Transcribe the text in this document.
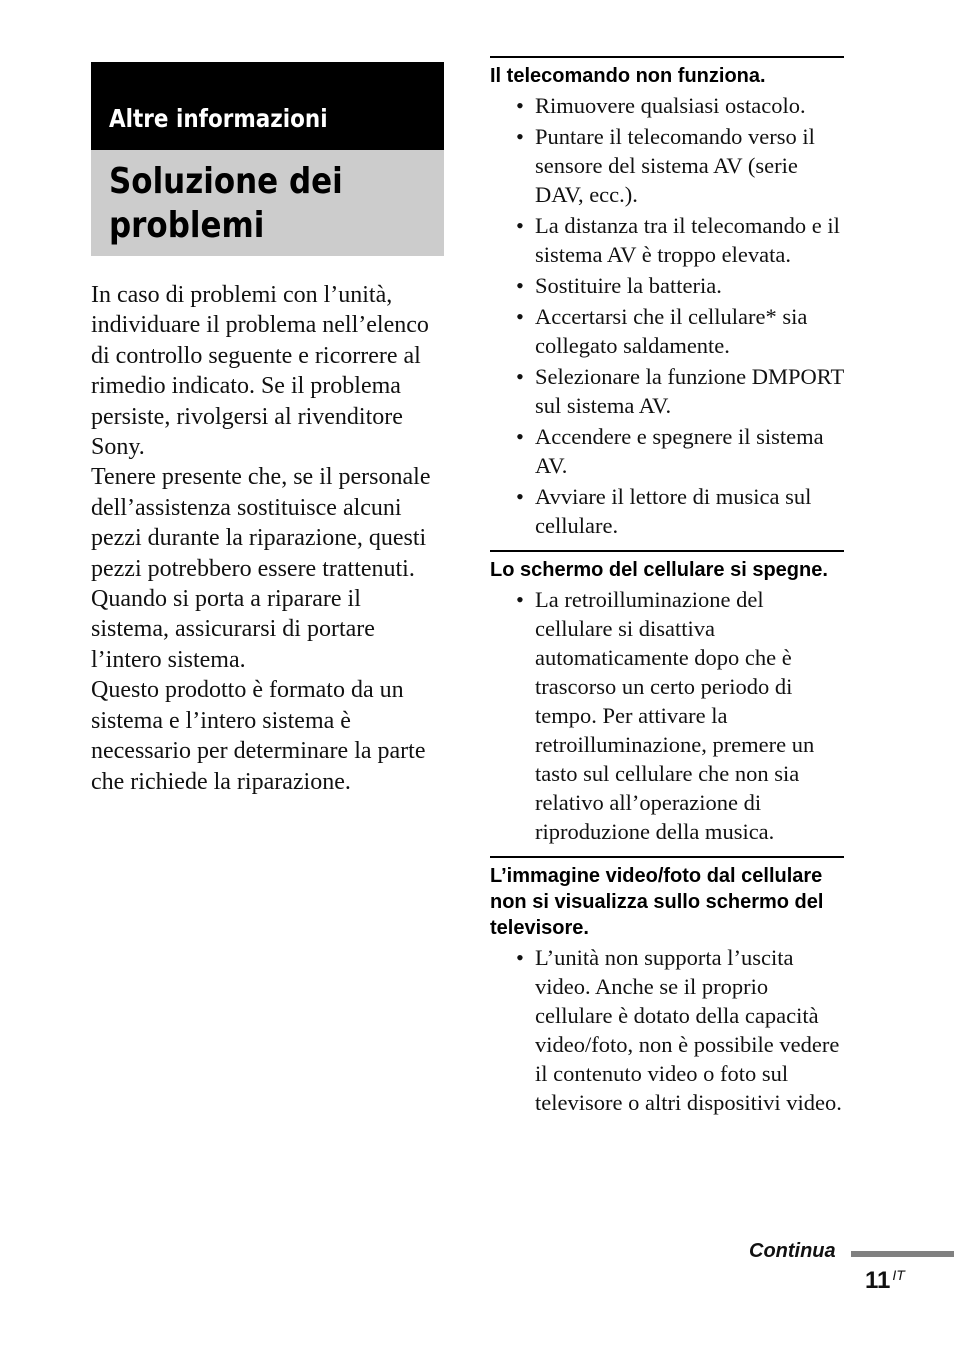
Altre informazioni
Soluzione dei problemi

In caso di problemi con l’unità, individuare il problema nell’elenco di controllo seguente e ricorrere al rimedio indicato. Se il problema persiste, rivolgersi al rivenditore Sony.

Tenere presente che, se il personale dell’assistenza sostituisce alcuni pezzi durante la riparazione, questi pezzi potrebbero essere trattenuti.

Quando si porta a riparare il sistema, assicurarsi di portare l’intero sistema.

Questo prodotto è formato da un sistema e l’intero sistema è necessario per determinare la parte che richiede la riparazione.

Il telecomando non funziona.
• Rimuovere qualsiasi ostacolo.
• Puntare il telecomando verso il sensore del sistema AV (serie DAV, ecc.).
• La distanza tra il telecomando e il sistema AV è troppo elevata.
• Sostituire la batteria.
• Accertarsi che il cellulare* sia collegato saldamente.
• Selezionare la funzione DMPORT sul sistema AV.
• Accendere e spegnere il sistema AV.
• Avviare il lettore di musica sul cellulare.
Lo schermo del cellulare si spegne.
• La retroilluminazione del cellulare si disattiva automaticamente dopo che è trascorso un certo periodo di tempo. Per attivare la retroilluminazione, premere un tasto sul cellulare che non sia relativo all’operazione di riproduzione della musica.
L’immagine video/foto dal cellulare non si visualizza sullo schermo del televisore.
• L’unità non supporta l’uscita video. Anche se il proprio cellulare è dotato della capacità video/foto, non è possibile vedere il contenuto video o foto sul televisore o altri dispositivi video.
Continua
11 $^{IT}$
